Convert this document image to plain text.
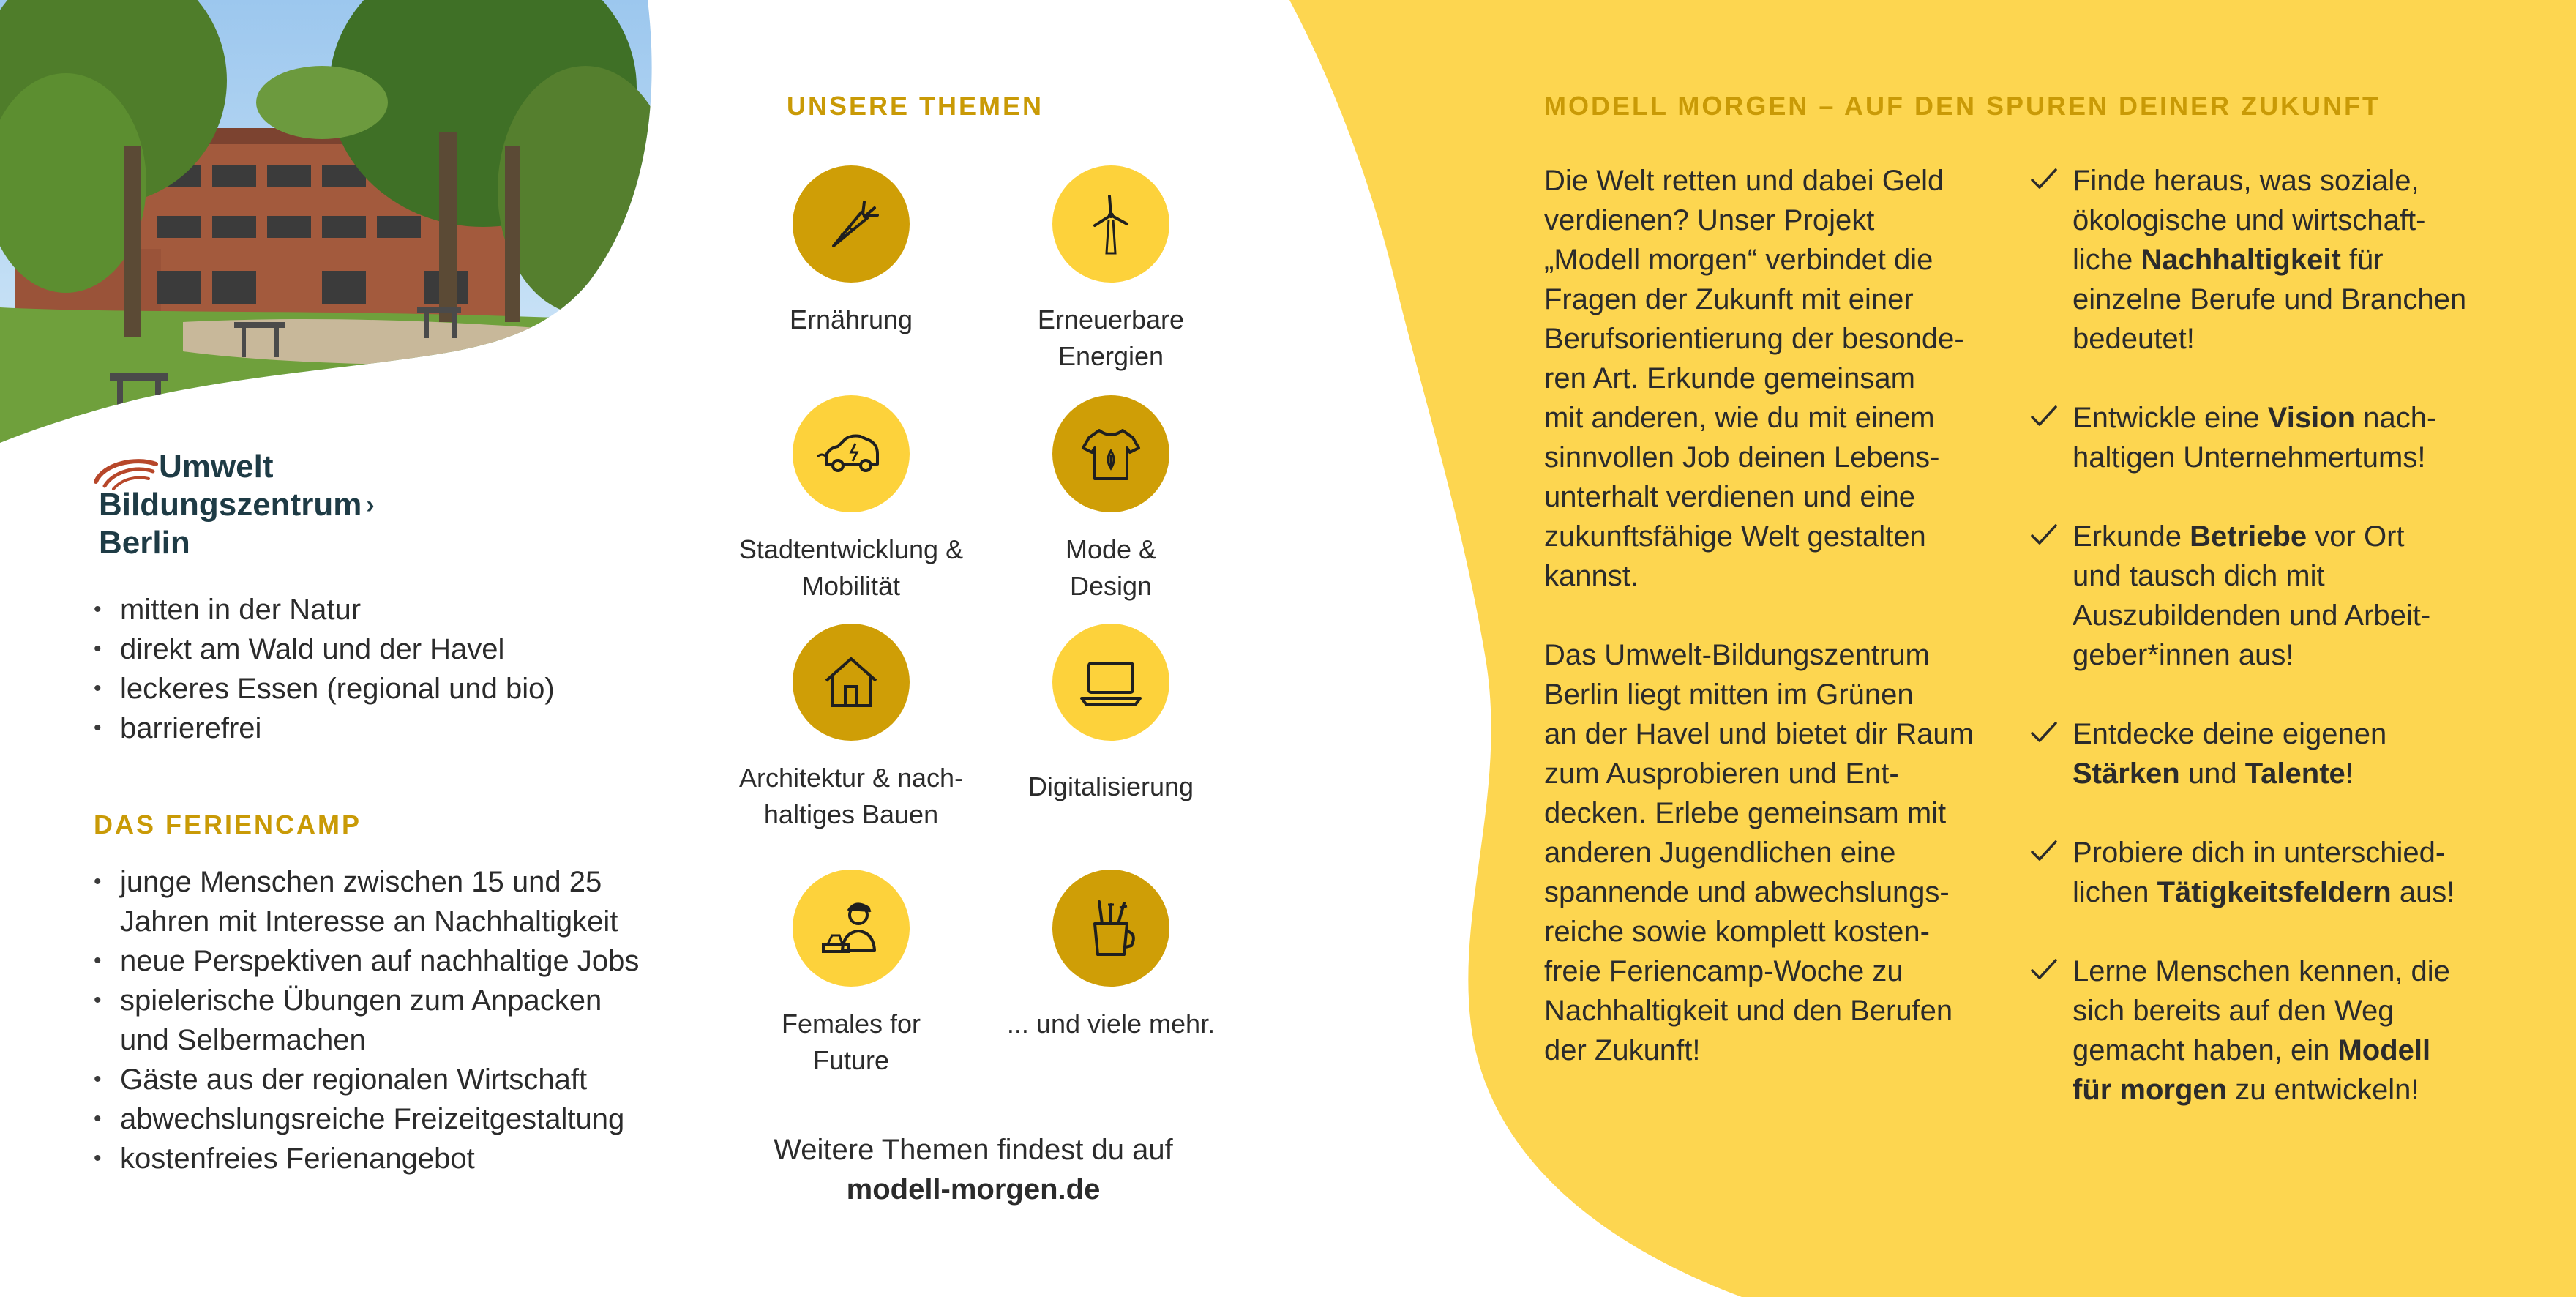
Umwelt
Bildungszentrum ›
Berlin
• mitten in der Natur
• direkt am Wald und der Havel
• leckeres Essen (regional und bio)
• barrierefrei
DAS FERIENCAMP
• junge Menschen zwischen 15 und 25
Jahren mit Interesse an Nachhaltigkeit
• neue Perspektiven auf nachhaltige Jobs
• spielerische Übungen zum Anpacken
und Selbermachen
• Gäste aus der regionalen Wirtschaft
• abwechslungsreiche Freizeitgestaltung
• kostenfreies Ferienangebot
UNSERE THEMEN
Ernährung	Erneuerbare
Energien
Stadtentwicklung &
Mobilität
Mode &
Design
Architektur & nach-
haltiges Bauen
Digitalisierung
Females for
Future
... und viele mehr.
Weitere Themen findest du auf
modell-morgen.de
MODELL MORGEN – AUF DEN SPUREN DEINER ZUKUNFT

Die Welt retten und dabei Geld
verdienen? Unser Projekt
„Modell morgen“ verbindet die
Fragen der Zukunft mit einer
Berufsorientierung der besonde-
ren Art. Erkunde gemeinsam
mit anderen, wie du mit einem
sinnvollen Job deinen Lebens-
unterhalt verdienen und eine
zukunftsfähige Welt gestalten
kannst.

Das Umwelt-Bildungszentrum
Berlin liegt mitten im Grünen
an der Havel und bietet dir Raum
zum Ausprobieren und Ent-
decken. Erlebe gemeinsam mit
anderen Jugendlichen eine
spannende und abwechslungs-
reiche sowie komplett kosten-
freie Feriencamp-Woche zu
Nachhaltigkeit und den Berufen
der Zukunft!

Finde heraus, was soziale,
ökologische und wirtschaft-
liche Nachhaltigkeit für
einzelne Berufe und Branchen
bedeutet!
Entwickle eine Vision nach-
haltigen Unternehmertums!
Erkunde Betriebe vor Ort
und tausch dich mit
Auszubildenden und Arbeit-
geber*innen aus!
Entdecke deine eigenen
Stärken und Talente!
Probiere dich in unterschied-
lichen Tätigkeitsfeldern aus!
Lerne Menschen kennen, die
sich bereits auf den Weg
gemacht haben, ein Modell
für morgen zu entwickeln!
